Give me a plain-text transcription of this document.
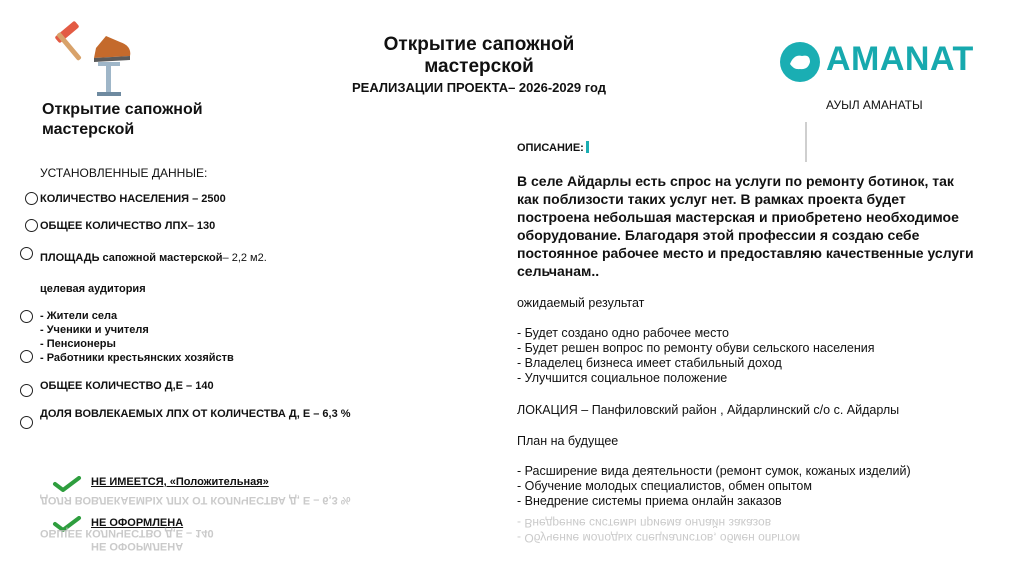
Открытие сапожной
мастерской
РЕАЛИЗАЦИИ ПРОЕКТА– 2026-2029 год
AMANAT
АУЫЛ АМАНАТЫ
Открытие сапожной
мастерской
УСТАНОВЛЕННЫЕ ДАННЫЕ:
КОЛИЧЕСТВО НАСЕЛЕНИЯ – 2500
ОБЩЕЕ КОЛИЧЕСТВО ЛПХ– 130
ПЛОЩАДЬ сапожной мастерской– 2,2 м2.
целевая аудитория
- Жители села
- Ученики и учителя
- Пенсионеры
- Работники крестьянских хозяйств
ОБЩЕЕ КОЛИЧЕСТВО Д,Е – 140
ДОЛЯ ВОВЛЕКАЕМЫХ ЛПХ ОТ КОЛИЧЕСТВА Д, Е – 6,3 %
НЕ ИМЕЕТСЯ, «Положительная»
ДОЛЯ ВОВЛЕКАЕМЫХ ЛПХ ОТ КОЛИЧЕСТВА Д, Е – 6,3 %
НЕ ОФОРМЛЕНА
ОБЩЕЕ КОЛИЧЕСТВО Д,Е – 140
НЕ ОФОРМЛЕНА
ОПИСАНИЕ:
В селе Айдарлы есть спрос на услуги по ремонту ботинок, так как поблизости таких услуг нет. В рамках проекта будет построена небольшая мастерская и приобретено необходимое оборудование. Благодаря этой профессии я создаю себе постоянное рабочее место и предоставляю качественные услуги сельчанам..
ожидаемый результат
- Будет создано одно рабочее место
- Будет решен вопрос по ремонту обуви сельского населения
- Владелец бизнеса имеет стабильный доход
- Улучшится социальное положение
ЛОКАЦИЯ – Панфиловский район , Айдарлинский с/о с. Айдарлы
План на будущее
- Расширение вида деятельности (ремонт сумок, кожаных изделий)
- Обучение молодых специалистов, обмен опытом
- Внедрение системы приема онлайн заказов
- Внедрение системы приема онлайн заказов
- Обучение молодых специалистов, обмен опытом
